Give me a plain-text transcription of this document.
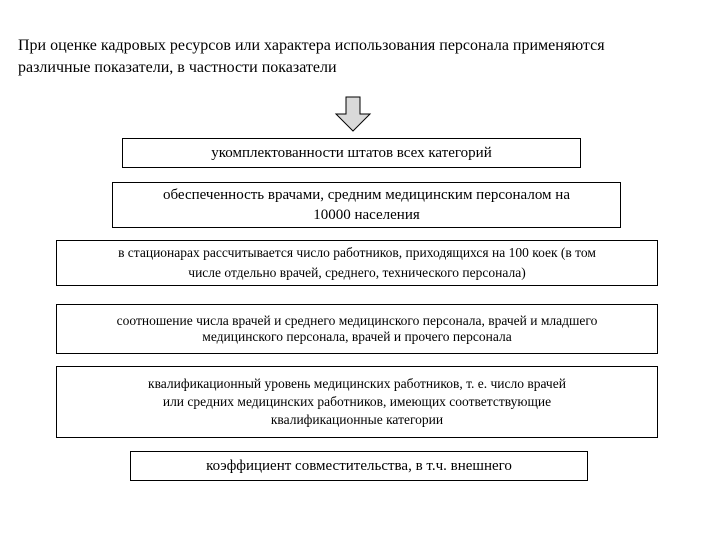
При оценке кадровых ресурсов или характера использования персонала применяются
различные показатели, в частности показатели

укомплектованности штатов всех категорий
обеспеченность врачами, средним медицинским персоналом на
10000 населения
в стационарах рассчитывается число работников, приходящихся на 100 коек (в том
числе отдельно врачей, среднего, технического персонала)
соотношение числа врачей и среднего медицинского персонала, врачей и младшего
медицинского персонала, врачей и прочего персонала
квалификационный уровень медицинских работников, т. е. число врачей
или средних медицинских работников, имеющих соответствующие
квалификационные категории
коэффициент совместительства, в т.ч. внешнего
